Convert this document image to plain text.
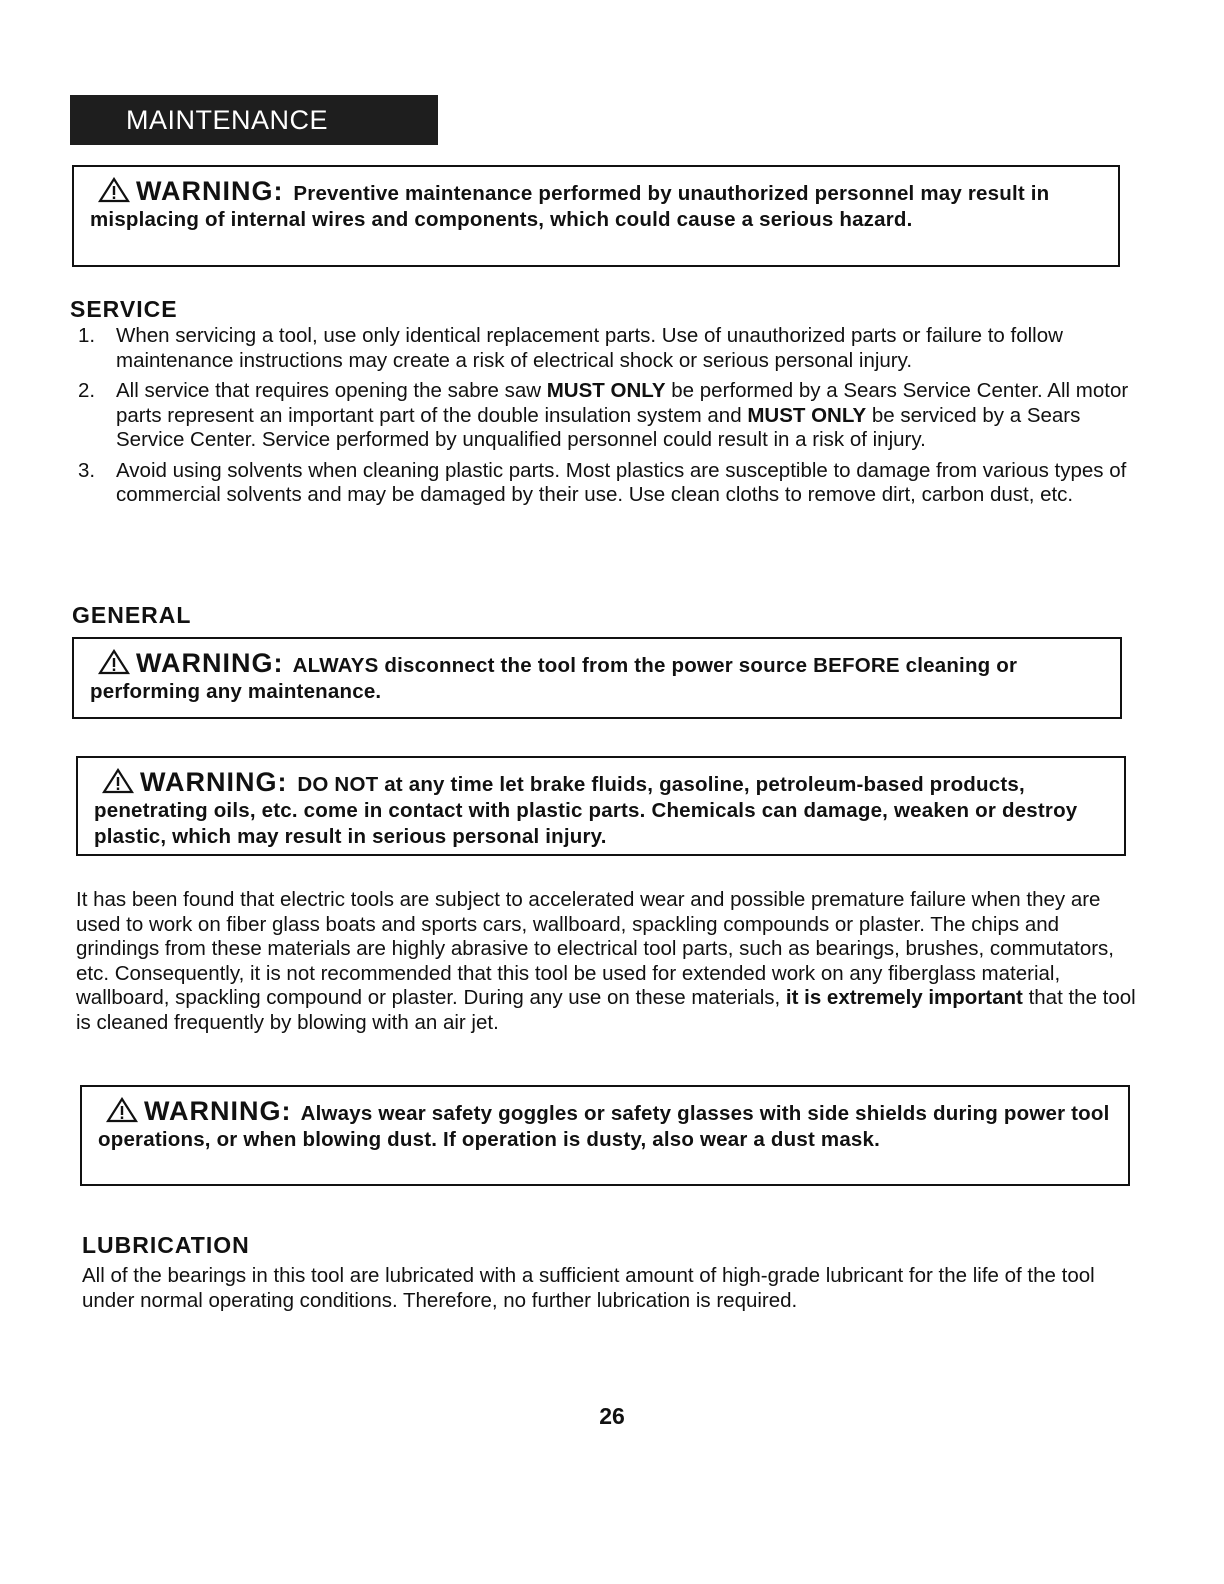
MAINTENANCE
WARNING: Preventive maintenance performed by unauthorized personnel may result in misplacing of internal wires and components, which could cause a serious hazard.
SERVICE
1. When servicing a tool, use only identical replacement parts. Use of unauthorized parts or failure to follow maintenance instructions may create a risk of electrical shock or serious personal injury.
2. All service that requires opening the sabre saw MUST ONLY be performed by a Sears Service Center. All motor parts represent an important part of the double insulation system and MUST ONLY be serviced by a Sears Service Center. Service performed by unqualified personnel could result in a risk of injury.
3. Avoid using solvents when cleaning plastic parts. Most plastics are susceptible to damage from various types of commercial solvents and may be damaged by their use. Use clean cloths to remove dirt, carbon dust, etc.
GENERAL
WARNING: ALWAYS disconnect the tool from the power source BEFORE cleaning or performing any maintenance.
WARNING: DO NOT at any time let brake fluids, gasoline, petroleum-based products, penetrating oils, etc. come in contact with plastic parts. Chemicals can damage, weaken or destroy plastic, which may result in serious personal injury.
It has been found that electric tools are subject to accelerated wear and possible premature failure when they are used to work on fiber glass boats and sports cars, wallboard, spackling compounds or plaster. The chips and grindings from these materials are highly abrasive to electrical tool parts, such as bearings, brushes, commutators, etc. Consequently, it is not recommended that this tool be used for extended work on any fiberglass material, wallboard, spackling compound or plaster. During any use on these materials, it is extremely important that the tool is cleaned frequently by blowing with an air jet.
WARNING: Always wear safety goggles or safety glasses with side shields during power tool operations, or when blowing dust. If operation is dusty, also wear a dust mask.
LUBRICATION
All of the bearings in this tool are lubricated with a sufficient amount of high-grade lubricant for the life of the tool under normal operating conditions. Therefore, no further lubrication is required.
26
